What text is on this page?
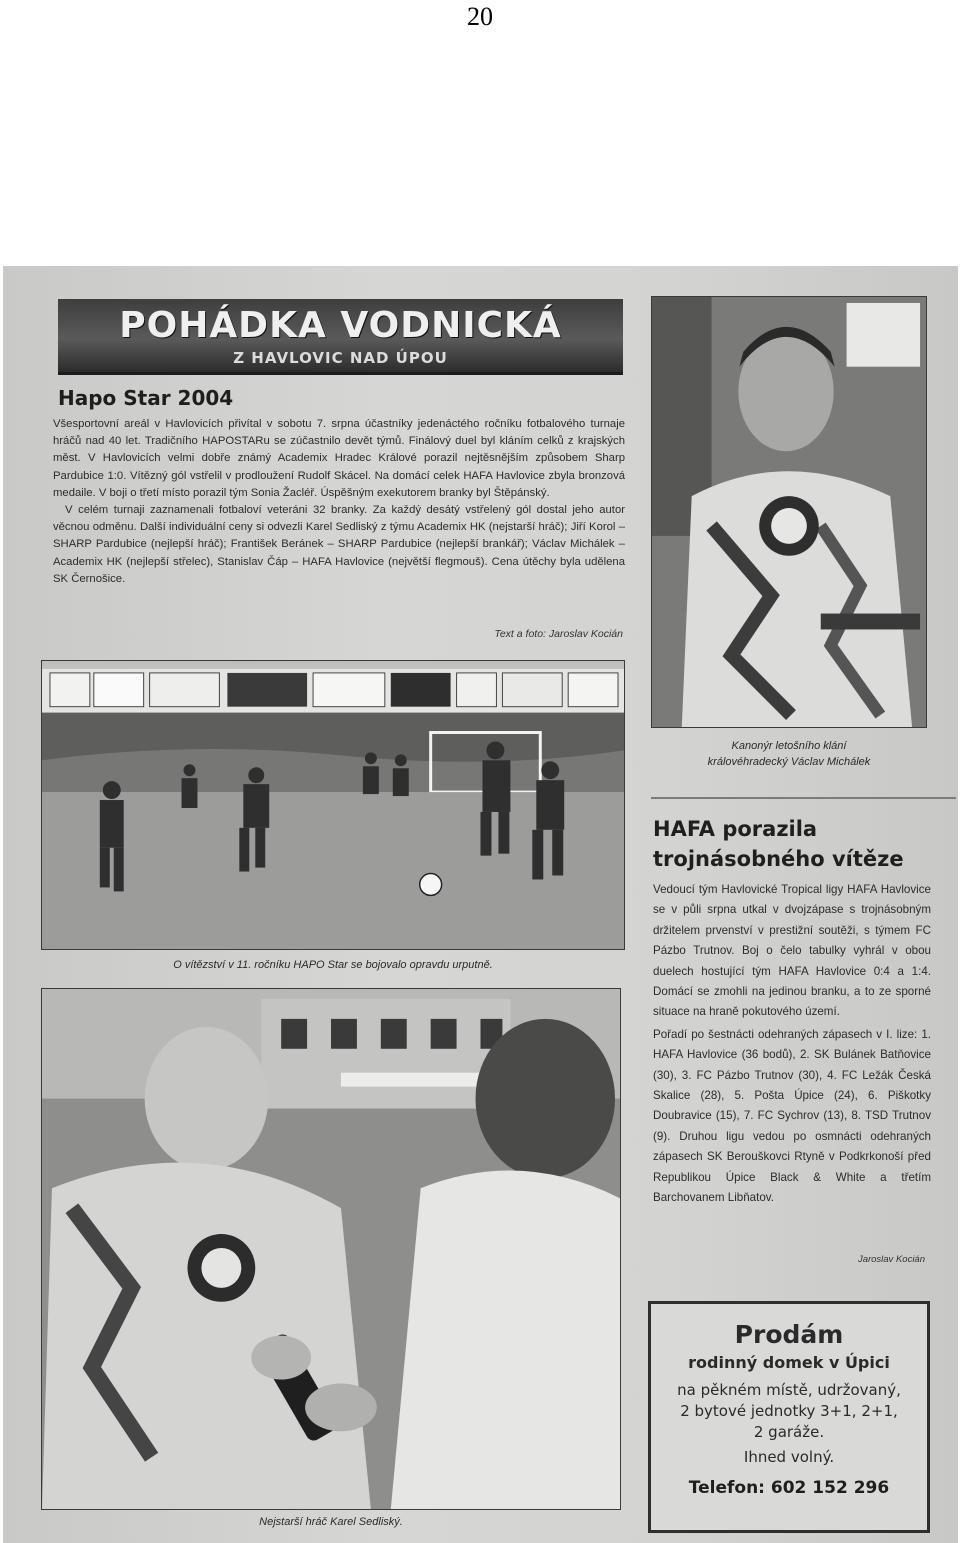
20
POHÁDKA VODNICKÁ
Z HAVLOVIC NAD ÚPOU
Hapo Star 2004

Všesportovní areál v Havlovicích přivítal v sobotu 7. srpna účastníky jedenáctého ročníku fotbalového turnaje hráčů nad 40 let. Tradičního HAPOSTARu se zúčastnilo devět týmů. Finálový duel byl kláním celků z krajských měst. V Havlovicích velmi dobře známý Academix Hradec Králové porazil nejtěsnějším způsobem Sharp Pardubice 1:0. Vítězný gól vstřelil v prodloužení Rudolf Skácel. Na domácí celek HAFA Havlovice zbyla bronzová medaile. V boji o třetí místo porazil tým Sonia Žacléř. Úspěšným exekutorem branky byl Štěpánský.

V celém turnaji zaznamenali fotbaloví veteráni 32 branky. Za každý desátý vstřelený gól dostal jeho autor věcnou odměnu. Další individuální ceny si odvezli Karel Sedliský z týmu Academix HK (nejstarší hráč); Jiří Korol – SHARP Pardubice (nejlepší hráč); František Beránek – SHARP Pardubice (nejlepší brankář); Václav Michálek – Academix HK (nejlepší střelec), Stanislav Čáp – HAFA Havlovice (největší flegmouš). Cena útěchy byla udělena SK Černošice.

Text a foto: Jaroslav Kocián
O vítězství v 11. ročníku HAPO Star se bojovalo opravdu urputně.
Kanonýr letošního klání
královéhradecký Václav Michálek
Nejstarší hráč Karel Sedliský.
HAFA porazila
trojnásobného vítěze

Vedoucí tým Havlovické Tropical ligy HAFA Havlovice se v půli srpna utkal v dvojzápase s trojnásobným držitelem prvenství v prestižní soutěži, s týmem FC Pázbo Trutnov. Boj o čelo tabulky vyhrál v obou duelech hostující tým HAFA Havlovice 0:4 a 1:4. Domácí se zmohli na jedinou branku, a to ze sporné situace na hraně pokutového území.

Pořadí po šestnácti odehraných zápasech v I. lize: 1. HAFA Havlovice (36 bodů), 2. SK Bulánek Batňovice (30), 3. FC Pázbo Trutnov (30), 4. FC Ležák Česká Skalice (28), 5. Pošta Úpice (24), 6. Piškotky Doubravice (15), 7. FC Sychrov (13), 8. TSD Trutnov (9). Druhou ligu vedou po osmnácti odehraných zápasech SK Berouškovci Rtyně v Podkrkonoší před Republikou Úpice Black & White a třetím Barchovanem Libňatov.

Jaroslav Kocián
Prodám
rodinný domek v Úpici
na pěkném místě, udržovaný,
2 bytové jednotky 3+1, 2+1,
2 garáže.
Ihned volný.
Telefon: 602 152 296
